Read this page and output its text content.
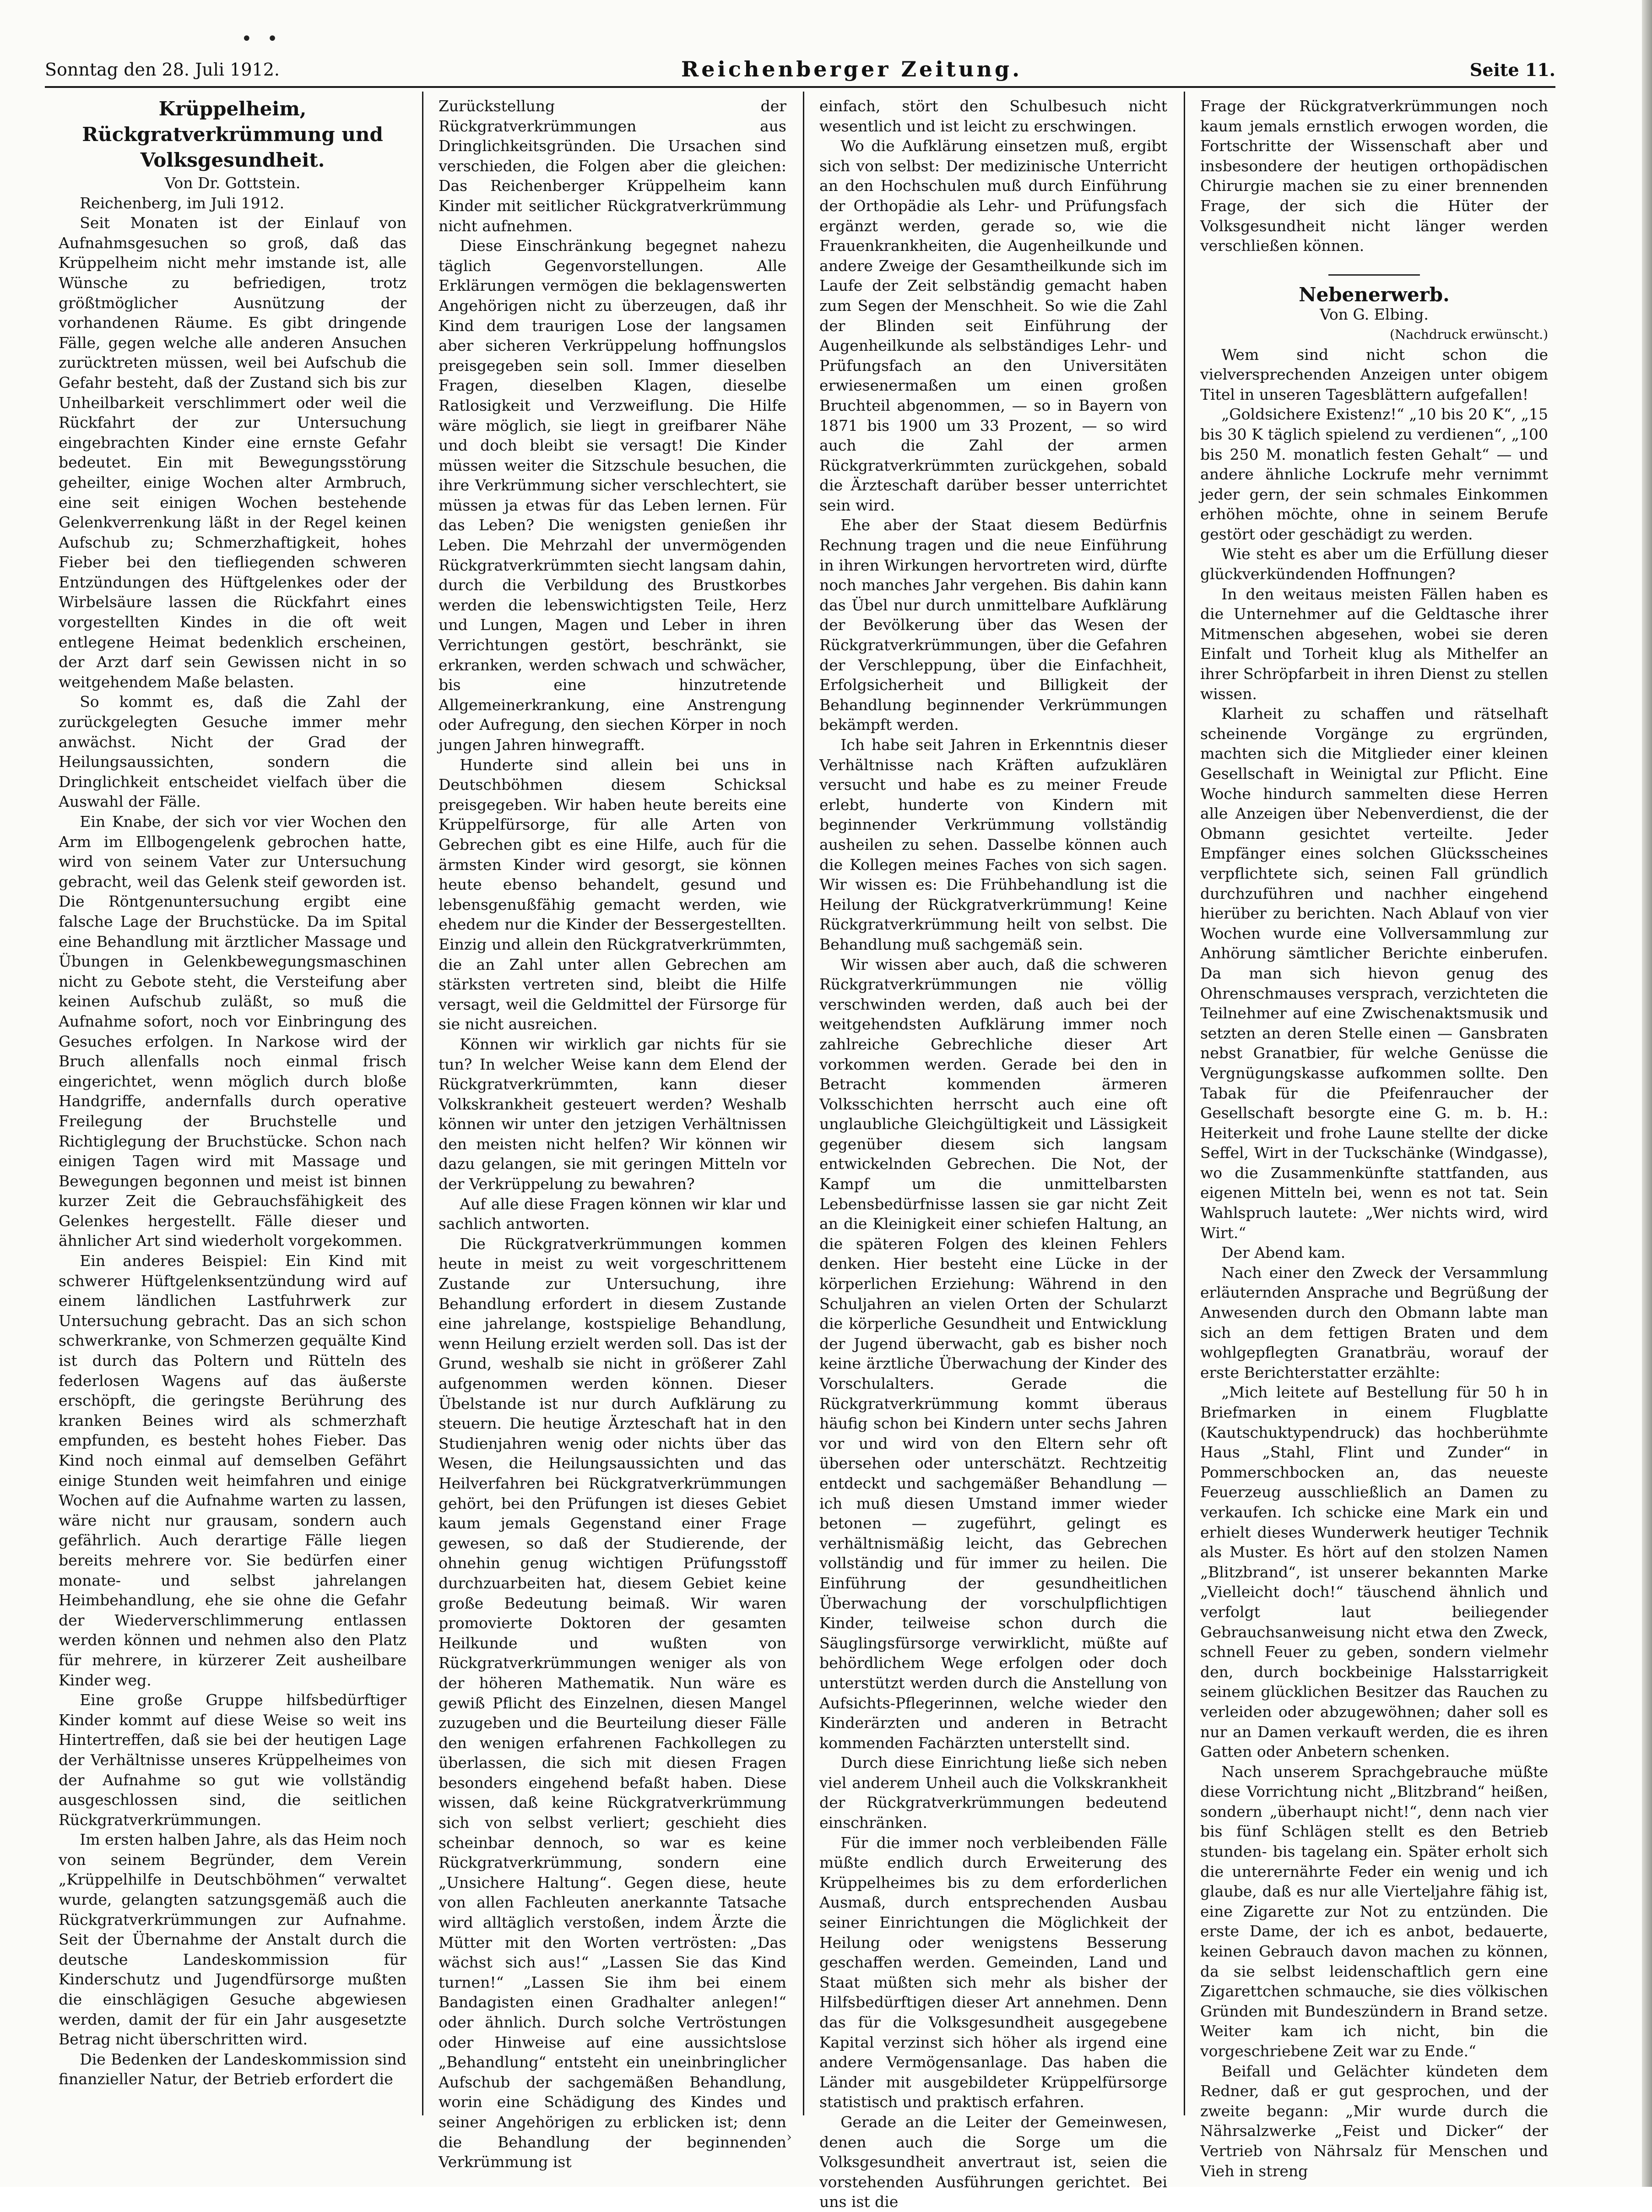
• •
Sonntag den 28. Juli 1912.	Reichenberger Zeitung.	Seite 11.

Krüppelheim, Rückgratverkrümmung und Volksgesundheit.

Von Dr. Gottstein.

Reichenberg, im Juli 1912.

Seit Monaten ist der Einlauf von Aufnahmsgesuchen so groß, daß das Krüppelheim nicht mehr imstande ist, alle Wünsche zu befriedigen, trotz größtmöglicher Ausnützung der vorhandenen Räume. Es gibt dringende Fälle, gegen welche alle anderen Ansuchen zurücktreten müssen, weil bei Aufschub die Gefahr besteht, daß der Zustand sich bis zur Unheilbarkeit verschlimmert oder weil die Rückfahrt der zur Untersuchung eingebrachten Kinder eine ernste Gefahr bedeutet. Ein mit Bewegungsstörung geheilter, einige Wochen alter Armbruch, eine seit einigen Wochen bestehende Gelenkverrenkung läßt in der Regel keinen Aufschub zu; Schmerzhaftigkeit, hohes Fieber bei den tiefliegenden schweren Entzündungen des Hüftgelenkes oder der Wirbelsäure lassen die Rückfahrt eines vorgestellten Kindes in die oft weit entlegene Heimat bedenklich erscheinen, der Arzt darf sein Gewissen nicht in so weitgehendem Maße belasten.

So kommt es, daß die Zahl der zurückgelegten Gesuche immer mehr anwächst. Nicht der Grad der Heilungsaussichten, sondern die Dringlichkeit entscheidet vielfach über die Auswahl der Fälle.

Ein Knabe, der sich vor vier Wochen den Arm im Ellbogengelenk gebrochen hatte, wird von seinem Vater zur Untersuchung gebracht, weil das Gelenk steif geworden ist. Die Röntgenuntersuchung ergibt eine falsche Lage der Bruchstücke. Da im Spital eine Behandlung mit ärztlicher Massage und Übungen in Gelenkbewegungsmaschinen nicht zu Gebote steht, die Versteifung aber keinen Aufschub zuläßt, so muß die Aufnahme sofort, noch vor Einbringung des Gesuches erfolgen. In Narkose wird der Bruch allenfalls noch einmal frisch eingerichtet, wenn möglich durch bloße Handgriffe, andernfalls durch operative Freilegung der Bruchstelle und Richtiglegung der Bruchstücke. Schon nach einigen Tagen wird mit Massage und Bewegungen begonnen und meist ist binnen kurzer Zeit die Gebrauchsfähigkeit des Gelenkes hergestellt. Fälle dieser und ähnlicher Art sind wiederholt vorgekommen.

Ein anderes Beispiel: Ein Kind mit schwerer Hüftgelenksentzündung wird auf einem ländlichen Lastfuhrwerk zur Untersuchung gebracht. Das an sich schon schwerkranke, von Schmerzen gequälte Kind ist durch das Poltern und Rütteln des federlosen Wagens auf das äußerste erschöpft, die geringste Berührung des kranken Beines wird als schmerzhaft empfunden, es besteht hohes Fieber. Das Kind noch einmal auf demselben Gefährt einige Stunden weit heimfahren und einige Wochen auf die Aufnahme warten zu lassen, wäre nicht nur grausam, sondern auch gefährlich. Auch derartige Fälle liegen bereits mehrere vor. Sie bedürfen einer monate- und selbst jahrelangen Heimbehandlung, ehe sie ohne die Gefahr der Wiederverschlimmerung entlassen werden können und nehmen also den Platz für mehrere, in kürzerer Zeit ausheilbare Kinder weg.

Eine große Gruppe hilfsbedürftiger Kinder kommt auf diese Weise so weit ins Hintertreffen, daß sie bei der heutigen Lage der Verhältnisse unseres Krüppelheimes von der Aufnahme so gut wie vollständig ausgeschlossen sind, die seitlichen Rückgratverkrümmungen.

Im ersten halben Jahre, als das Heim noch von seinem Begründer, dem Verein „Krüppelhilfe in Deutschböhmen“ verwaltet wurde, gelangten satzungsgemäß auch die Rückgratverkrümmungen zur Aufnahme. Seit der Übernahme der Anstalt durch die deutsche Landeskommission für Kinderschutz und Jugendfürsorge mußten die einschlägigen Gesuche abgewiesen werden, damit der für ein Jahr ausgesetzte Betrag nicht überschritten wird.

Die Bedenken der Landeskommission sind finanzieller Natur, der Betrieb erfordert die

Zurückstellung der Rückgratverkrümmungen aus Dringlichkeitsgründen. Die Ursachen sind verschieden, die Folgen aber die gleichen: Das Reichenberger Krüppelheim kann Kinder mit seitlicher Rückgratverkrümmung nicht aufnehmen.

Diese Einschränkung begegnet nahezu täglich Gegenvorstellungen. Alle Erklärungen vermögen die beklagenswerten Angehörigen nicht zu überzeugen, daß ihr Kind dem traurigen Lose der langsamen aber sicheren Verkrüppelung hoffnungslos preisgegeben sein soll. Immer dieselben Fragen, dieselben Klagen, dieselbe Ratlosigkeit und Verzweiflung. Die Hilfe wäre möglich, sie liegt in greifbarer Nähe und doch bleibt sie versagt! Die Kinder müssen weiter die Sitzschule besuchen, die ihre Verkrümmung sicher verschlechtert, sie müssen ja etwas für das Leben lernen. Für das Leben? Die wenigsten genießen ihr Leben. Die Mehrzahl der unvermögenden Rückgratverkrümmten siecht langsam dahin, durch die Verbildung des Brustkorbes werden die lebenswichtigsten Teile, Herz und Lungen, Magen und Leber in ihren Verrichtungen gestört, beschränkt, sie erkranken, werden schwach und schwächer, bis eine hinzutretende Allgemeinerkrankung, eine Anstrengung oder Aufregung, den siechen Körper in noch jungen Jahren hinwegrafft.

Hunderte sind allein bei uns in Deutschböhmen diesem Schicksal preisgegeben. Wir haben heute bereits eine Krüppelfürsorge, für alle Arten von Gebrechen gibt es eine Hilfe, auch für die ärmsten Kinder wird gesorgt, sie können heute ebenso behandelt, gesund und lebensgenußfähig gemacht werden, wie ehedem nur die Kinder der Bessergestellten. Einzig und allein den Rückgratverkrümmten, die an Zahl unter allen Gebrechen am stärksten vertreten sind, bleibt die Hilfe versagt, weil die Geldmittel der Fürsorge für sie nicht ausreichen.

Können wir wirklich gar nichts für sie tun? In welcher Weise kann dem Elend der Rückgratverkrümmten, kann dieser Volkskrankheit gesteuert werden? Weshalb können wir unter den jetzigen Verhältnissen den meisten nicht helfen? Wir können wir dazu gelangen, sie mit geringen Mitteln vor der Verkrüppelung zu bewahren?

Auf alle diese Fragen können wir klar und sachlich antworten.

Die Rückgratverkrümmungen kommen heute in meist zu weit vorgeschrittenem Zustande zur Untersuchung, ihre Behandlung erfordert in diesem Zustande eine jahrelange, kostspielige Behandlung, wenn Heilung erzielt werden soll. Das ist der Grund, weshalb sie nicht in größerer Zahl aufgenommen werden können. Dieser Übelstande ist nur durch Aufklärung zu steuern. Die heutige Ärzteschaft hat in den Studienjahren wenig oder nichts über das Wesen, die Heilungsaussichten und das Heilverfahren bei Rückgratverkrümmungen gehört, bei den Prüfungen ist dieses Gebiet kaum jemals Gegenstand einer Frage gewesen, so daß der Studierende, der ohnehin genug wichtigen Prüfungsstoff durchzuarbeiten hat, diesem Gebiet keine große Bedeutung beimaß. Wir waren promovierte Doktoren der gesamten Heilkunde und wußten von Rückgratverkrümmungen weniger als von der höheren Mathematik. Nun wäre es gewiß Pflicht des Einzelnen, diesen Mangel zuzugeben und die Beurteilung dieser Fälle den wenigen erfahrenen Fachkollegen zu überlassen, die sich mit diesen Fragen besonders eingehend befaßt haben. Diese wissen, daß keine Rückgratverkrümmung sich von selbst verliert; geschieht dies scheinbar dennoch, so war es keine Rückgratverkrümmung, sondern eine „Unsichere Haltung“. Gegen diese, heute von allen Fachleuten anerkannte Tatsache wird alltäglich verstoßen, indem Ärzte die Mütter mit den Worten vertrösten: „Das wächst sich aus!“ „Lassen Sie das Kind turnen!“ „Lassen Sie ihm bei einem Bandagisten einen Gradhalter anlegen!“ oder ähnlich. Durch solche Vertröstungen oder Hinweise auf eine aussichtslose „Behandlung“ entsteht ein uneinbringlicher Aufschub der sachgemäßen Behandlung, worin eine Schädigung des Kindes und seiner Angehörigen zu erblicken ist; denn die Behandlung der beginnenden Verkrümmung ist

einfach, stört den Schulbesuch nicht wesentlich und ist leicht zu erschwingen.

Wo die Aufklärung einsetzen muß, ergibt sich von selbst: Der medizinische Unterricht an den Hochschulen muß durch Einführung der Orthopädie als Lehr- und Prüfungsfach ergänzt werden, gerade so, wie die Frauenkrankheiten, die Augenheilkunde und andere Zweige der Gesamtheilkunde sich im Laufe der Zeit selbständig gemacht haben zum Segen der Menschheit. So wie die Zahl der Blinden seit Einführung der Augenheilkunde als selbständiges Lehr- und Prüfungsfach an den Universitäten erwiesenermaßen um einen großen Bruchteil abgenommen, — so in Bayern von 1871 bis 1900 um 33 Prozent, — so wird auch die Zahl der armen Rückgratverkrümmten zurückgehen, sobald die Ärzteschaft darüber besser unterrichtet sein wird.

Ehe aber der Staat diesem Bedürfnis Rechnung tragen und die neue Einführung in ihren Wirkungen hervortreten wird, dürfte noch manches Jahr vergehen. Bis dahin kann das Übel nur durch unmittelbare Aufklärung der Bevölkerung über das Wesen der Rückgratverkrümmungen, über die Gefahren der Verschleppung, über die Einfachheit, Erfolgsicherheit und Billigkeit der Behandlung beginnender Verkrümmungen bekämpft werden.

Ich habe seit Jahren in Erkenntnis dieser Verhältnisse nach Kräften aufzuklären versucht und habe es zu meiner Freude erlebt, hunderte von Kindern mit beginnender Verkrümmung vollständig ausheilen zu sehen. Dasselbe können auch die Kollegen meines Faches von sich sagen. Wir wissen es: Die Frühbehandlung ist die Heilung der Rückgratverkrümmung! Keine Rückgratverkrümmung heilt von selbst. Die Behandlung muß sachgemäß sein.

Wir wissen aber auch, daß die schweren Rückgratverkrümmungen nie völlig verschwinden werden, daß auch bei der weitgehendsten Aufklärung immer noch zahlreiche Gebrechliche dieser Art vorkommen werden. Gerade bei den in Betracht kommenden ärmeren Volksschichten herrscht auch eine oft unglaubliche Gleichgültigkeit und Lässigkeit gegenüber diesem sich langsam entwickelnden Gebrechen. Die Not, der Kampf um die unmittelbarsten Lebensbedürfnisse lassen sie gar nicht Zeit an die Kleinigkeit einer schiefen Haltung, an die späteren Folgen des kleinen Fehlers denken. Hier besteht eine Lücke in der körperlichen Erziehung: Während in den Schuljahren an vielen Orten der Schularzt die körperliche Gesundheit und Entwicklung der Jugend überwacht, gab es bisher noch keine ärztliche Überwachung der Kinder des Vorschulalters. Gerade die Rückgratverkrümmung kommt überaus häufig schon bei Kindern unter sechs Jahren vor und wird von den Eltern sehr oft übersehen oder unterschätzt. Rechtzeitig entdeckt und sachgemäßer Behandlung — ich muß diesen Umstand immer wieder betonen — zugeführt, gelingt es verhältnismäßig leicht, das Gebrechen vollständig und für immer zu heilen. Die Einführung der gesundheitlichen Überwachung der vorschulpflichtigen Kinder, teilweise schon durch die Säuglingsfürsorge verwirklicht, müßte auf behördlichem Wege erfolgen oder doch unterstützt werden durch die Anstellung von Aufsichts-Pflegerinnen, welche wieder den Kinderärzten und anderen in Betracht kommenden Fachärzten unterstellt sind.

Durch diese Einrichtung ließe sich neben viel anderem Unheil auch die Volkskrankheit der Rückgratverkrümmungen bedeutend einschränken.

Für die immer noch verbleibenden Fälle müßte endlich durch Erweiterung des Krüppelheimes bis zu dem erforderlichen Ausmaß, durch entsprechenden Ausbau seiner Einrichtungen die Möglichkeit der Heilung oder wenigstens Besserung geschaffen werden. Gemeinden, Land und Staat müßten sich mehr als bisher der Hilfsbedürftigen dieser Art annehmen. Denn das für die Volksgesundheit ausgegebene Kapital verzinst sich höher als irgend eine andere Vermögensanlage. Das haben die Länder mit ausgebildeter Krüppelfürsorge statistisch und praktisch erfahren.

Gerade an die Leiter der Gemeinwesen, denen auch die Sorge um die Volksgesundheit anvertraut ist, seien die vorstehenden Ausführungen gerichtet. Bei uns ist die

Frage der Rückgratverkrümmungen noch kaum jemals ernstlich erwogen worden, die Fortschritte der Wissenschaft aber und insbesondere der heutigen orthopädischen Chirurgie machen sie zu einer brennenden Frage, der sich die Hüter der Volksgesundheit nicht länger werden verschließen können.

Nebenerwerb.

Von G. Elbing.

(Nachdruck erwünscht.)

Wem sind nicht schon die vielversprechenden Anzeigen unter obigem Titel in unseren Tagesblättern aufgefallen!

„Goldsichere Existenz!“ „10 bis 20 K“, „15 bis 30 K täglich spielend zu verdienen“, „100 bis 250 M. monatlich festen Gehalt“ — und andere ähnliche Lockrufe mehr vernimmt jeder gern, der sein schmales Einkommen erhöhen möchte, ohne in seinem Berufe gestört oder geschädigt zu werden.

Wie steht es aber um die Erfüllung dieser glückverkündenden Hoffnungen?

In den weitaus meisten Fällen haben es die Unternehmer auf die Geldtasche ihrer Mitmenschen abgesehen, wobei sie deren Einfalt und Torheit klug als Mithelfer an ihrer Schröpfarbeit in ihren Dienst zu stellen wissen.

Klarheit zu schaffen und rätselhaft scheinende Vorgänge zu ergründen, machten sich die Mitglieder einer kleinen Gesellschaft in Weinigtal zur Pflicht. Eine Woche hindurch sammelten diese Herren alle Anzeigen über Nebenverdienst, die der Obmann gesichtet verteilte. Jeder Empfänger eines solchen Glücksscheines verpflichtete sich, seinen Fall gründlich durchzuführen und nachher eingehend hierüber zu berichten. Nach Ablauf von vier Wochen wurde eine Vollversammlung zur Anhörung sämtlicher Berichte einberufen. Da man sich hievon genug des Ohrenschmauses versprach, verzichteten die Teilnehmer auf eine Zwischenaktsmusik und setzten an deren Stelle einen — Gansbraten nebst Granatbier, für welche Genüsse die Vergnügungskasse aufkommen sollte. Den Tabak für die Pfeifenraucher der Gesellschaft besorgte eine G. m. b. H.: Heiterkeit und frohe Laune stellte der dicke Seffel, Wirt in der Tuckschänke (Windgasse), wo die Zusammenkünfte stattfanden, aus eigenen Mitteln bei, wenn es not tat. Sein Wahlspruch lautete: „Wer nichts wird, wird Wirt.“

Der Abend kam.

Nach einer den Zweck der Versammlung erläuternden Ansprache und Begrüßung der Anwesenden durch den Obmann labte man sich an dem fettigen Braten und dem wohlgepflegten Granatbräu, worauf der erste Berichterstatter erzählte:

„Mich leitete auf Bestellung für 50 h in Briefmarken in einem Flugblatte (Kautschuktypendruck) das hochberühmte Haus „Stahl, Flint und Zunder“ in Pommerschbocken an, das neueste Feuerzeug ausschließlich an Damen zu verkaufen. Ich schicke eine Mark ein und erhielt dieses Wunderwerk heutiger Technik als Muster. Es hört auf den stolzen Namen „Blitzbrand“, ist unserer bekannten Marke „Vielleicht doch!“ täuschend ähnlich und verfolgt laut beiliegender Gebrauchsanweisung nicht etwa den Zweck, schnell Feuer zu geben, sondern vielmehr den, durch bockbeinige Halsstarrigkeit seinem glücklichen Besitzer das Rauchen zu verleiden oder abzugewöhnen; daher soll es nur an Damen verkauft werden, die es ihren Gatten oder Anbetern schenken.

Nach unserem Sprachgebrauche müßte diese Vorrichtung nicht „Blitzbrand“ heißen, sondern „überhaupt nicht!“, denn nach vier bis fünf Schlägen stellt es den Betrieb stunden- bis tagelang ein. Später erholt sich die unterernährte Feder ein wenig und ich glaube, daß es nur alle Vierteljahre fähig ist, eine Zigarette zur Not zu entzünden. Die erste Dame, der ich es anbot, bedauerte, keinen Gebrauch davon machen zu können, da sie selbst leidenschaftlich gern eine Zigarettchen schmauche, sie dies völkischen Gründen mit Bundeszündern in Brand setze. Weiter kam ich nicht, bin die vorgeschriebene Zeit war zu Ende.“

Beifall und Gelächter kündeten dem Redner, daß er gut gesprochen, und der zweite begann: „Mir wurde durch die Nährsalzwerke „Feist und Dicker“ der Vertrieb von Nährsalz für Menschen und Vieh in streng

›
